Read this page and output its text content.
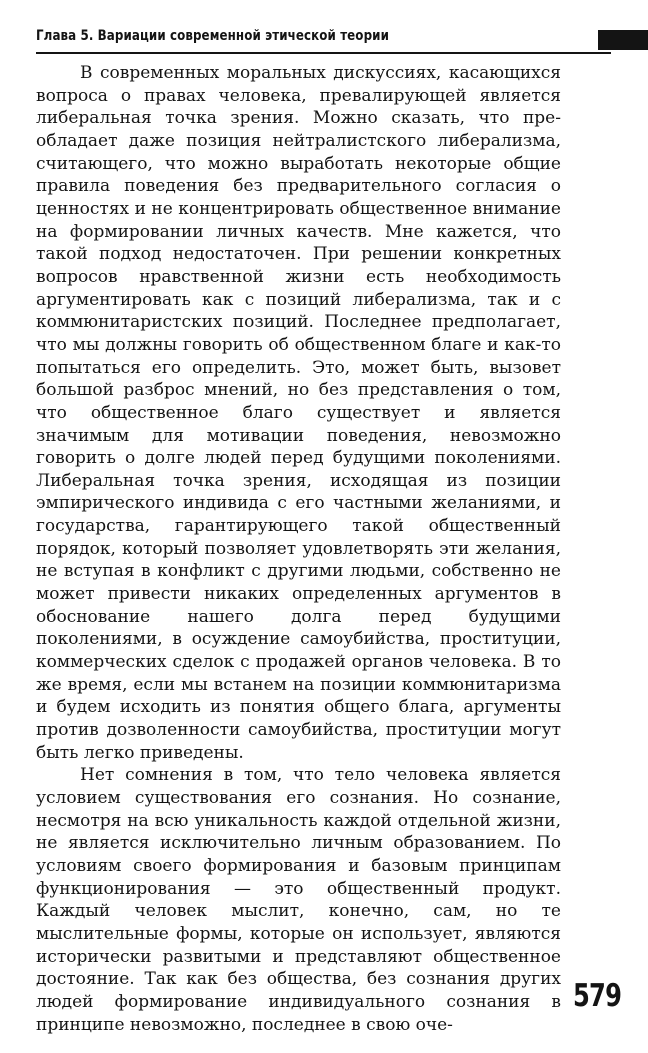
Глава 5. Вариации современной этической теории

В современных моральных дискуссиях, касающихся вопроса о правах человека, превалирующей является либеральная точка зрения. Можно сказать, что преобладает даже позиция нейтралистского либерализма, считающего, что можно выработать некоторые общие правила поведения без предварительного согласия о ценностях и не концентрировать общественное внимание на формировании личных качеств. Мне кажется, что такой подход недостаточен. При решении конкретных вопросов нравственной жизни есть необходимость аргументировать как с позиций либерализма, так и с коммюнитаристских позиций. Последнее предполагает, что мы должны говорить об общественном благе и как-то попытаться его определить. Это, может быть, вызовет большой разброс мнений, но без представления о том, что общественное благо существует и является значимым для мотивации поведения, невозможно говорить о долге людей перед будущими поколениями. Либеральная точка зрения, исходящая из позиции эмпирического индивида с его частными желаниями, и государства, гарантирующего такой общественный порядок, который позволяет удовлетворять эти желания, не вступая в конфликт с другими людьми, собственно не может привести никаких определенных аргументов в обоснование нашего долга перед будущими поколениями, в осуждение самоубийства, проституции, коммерческих сделок с продажей органов человека. В то же время, если мы встанем на позиции коммюнитаризма и будем исходить из понятия общего блага, аргументы против дозволенности самоубийства, проституции могут быть легко приведены.

Нет сомнения в том, что тело человека является условием существования его сознания. Но сознание, несмотря на всю уникальность каждой отдельной жизни, не является исключительно личным образованием. По условиям своего формирования и базовым принципам функционирования — это общественный продукт. Каждый человек мыслит, конечно, сам, но те мыслительные формы, которые он использует, являются исторически развитыми и представляют общественное достояние. Так как без общества, без сознания других людей формирование индивидуального сознания в принципе невозможно, последнее в свою оче-

579
